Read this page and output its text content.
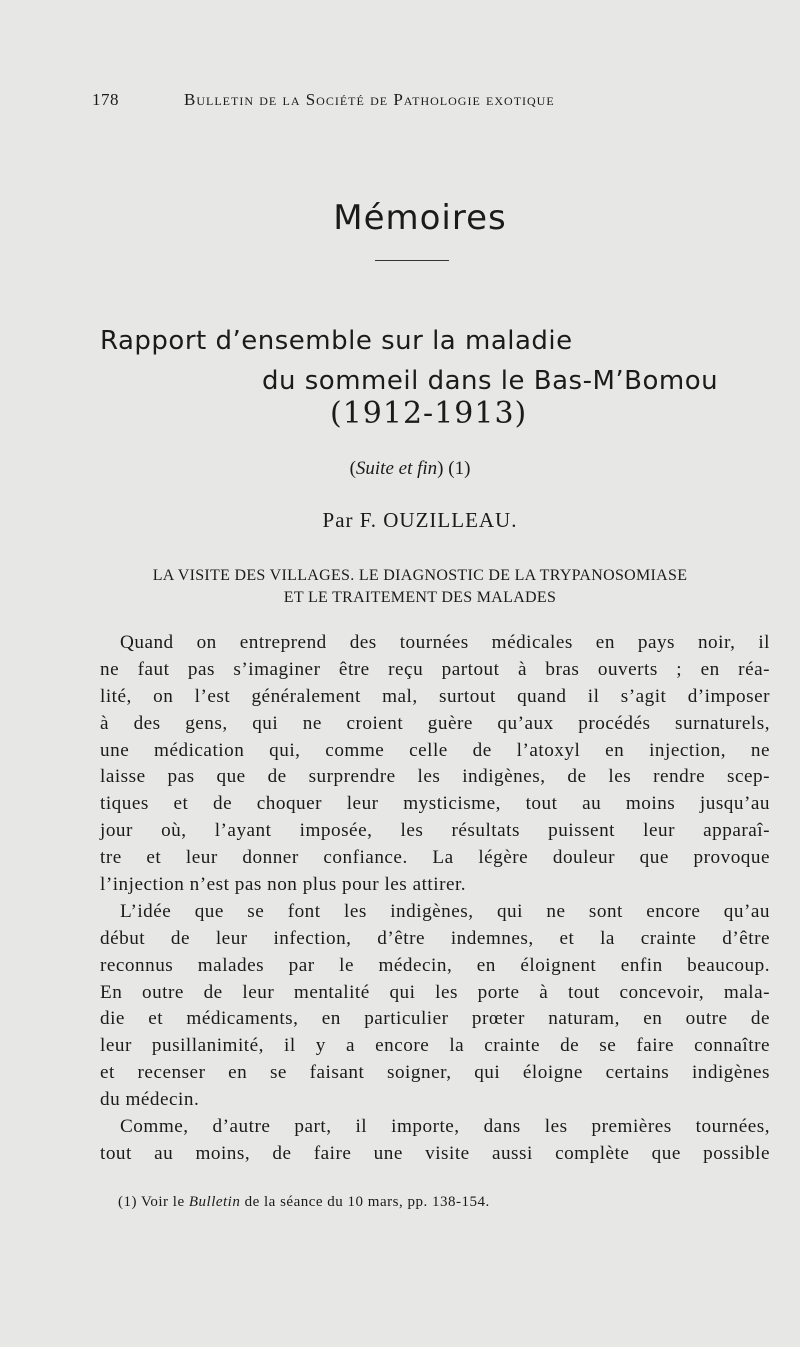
178	Bulletin de la Société de Pathologie exotique
Mémoires
Rapport d’ensemble sur la maladie
du sommeil dans le Bas-M’Bomou
(1912-1913)
(Suite et fin) (1)
Par F. OUZILLEAU.
LA VISITE DES VILLAGES. LE DIAGNOSTIC DE LA TRYPANOSOMIASE
ET LE TRAITEMENT DES MALADES
Quand on entreprend des tournées médicales en pays noir, il
ne faut pas s’imaginer être reçu partout à bras ouverts ; en réa-
lité, on l’est généralement mal, surtout quand il s’agit d’imposer
à des gens, qui ne croient guère qu’aux procédés surnaturels,
une médication qui, comme celle de l’atoxyl en injection, ne
laisse pas que de surprendre les indigènes, de les rendre scep-
tiques et de choquer leur mysticisme, tout au moins jusqu’au
jour où, l’ayant imposée, les résultats puissent leur apparaî-
tre et leur donner confiance. La légère douleur que provoque
l’injection n’est pas non plus pour les attirer.
L’idée que se font les indigènes, qui ne sont encore qu’au
début de leur infection, d’être indemnes, et la crainte d’être
reconnus malades par le médecin, en éloignent enfin beaucoup.
En outre de leur mentalité qui les porte à tout concevoir, mala-
die et médicaments, en particulier prœter naturam, en outre de
leur pusillanimité, il y a encore la crainte de se faire connaître
et recenser en se faisant soigner, qui éloigne certains indigènes
du médecin.
Comme, d’autre part, il importe, dans les premières tournées,
tout au moins, de faire une visite aussi complète que possible
(1) Voir le Bulletin de la séance du 10 mars, pp. 138-154.
